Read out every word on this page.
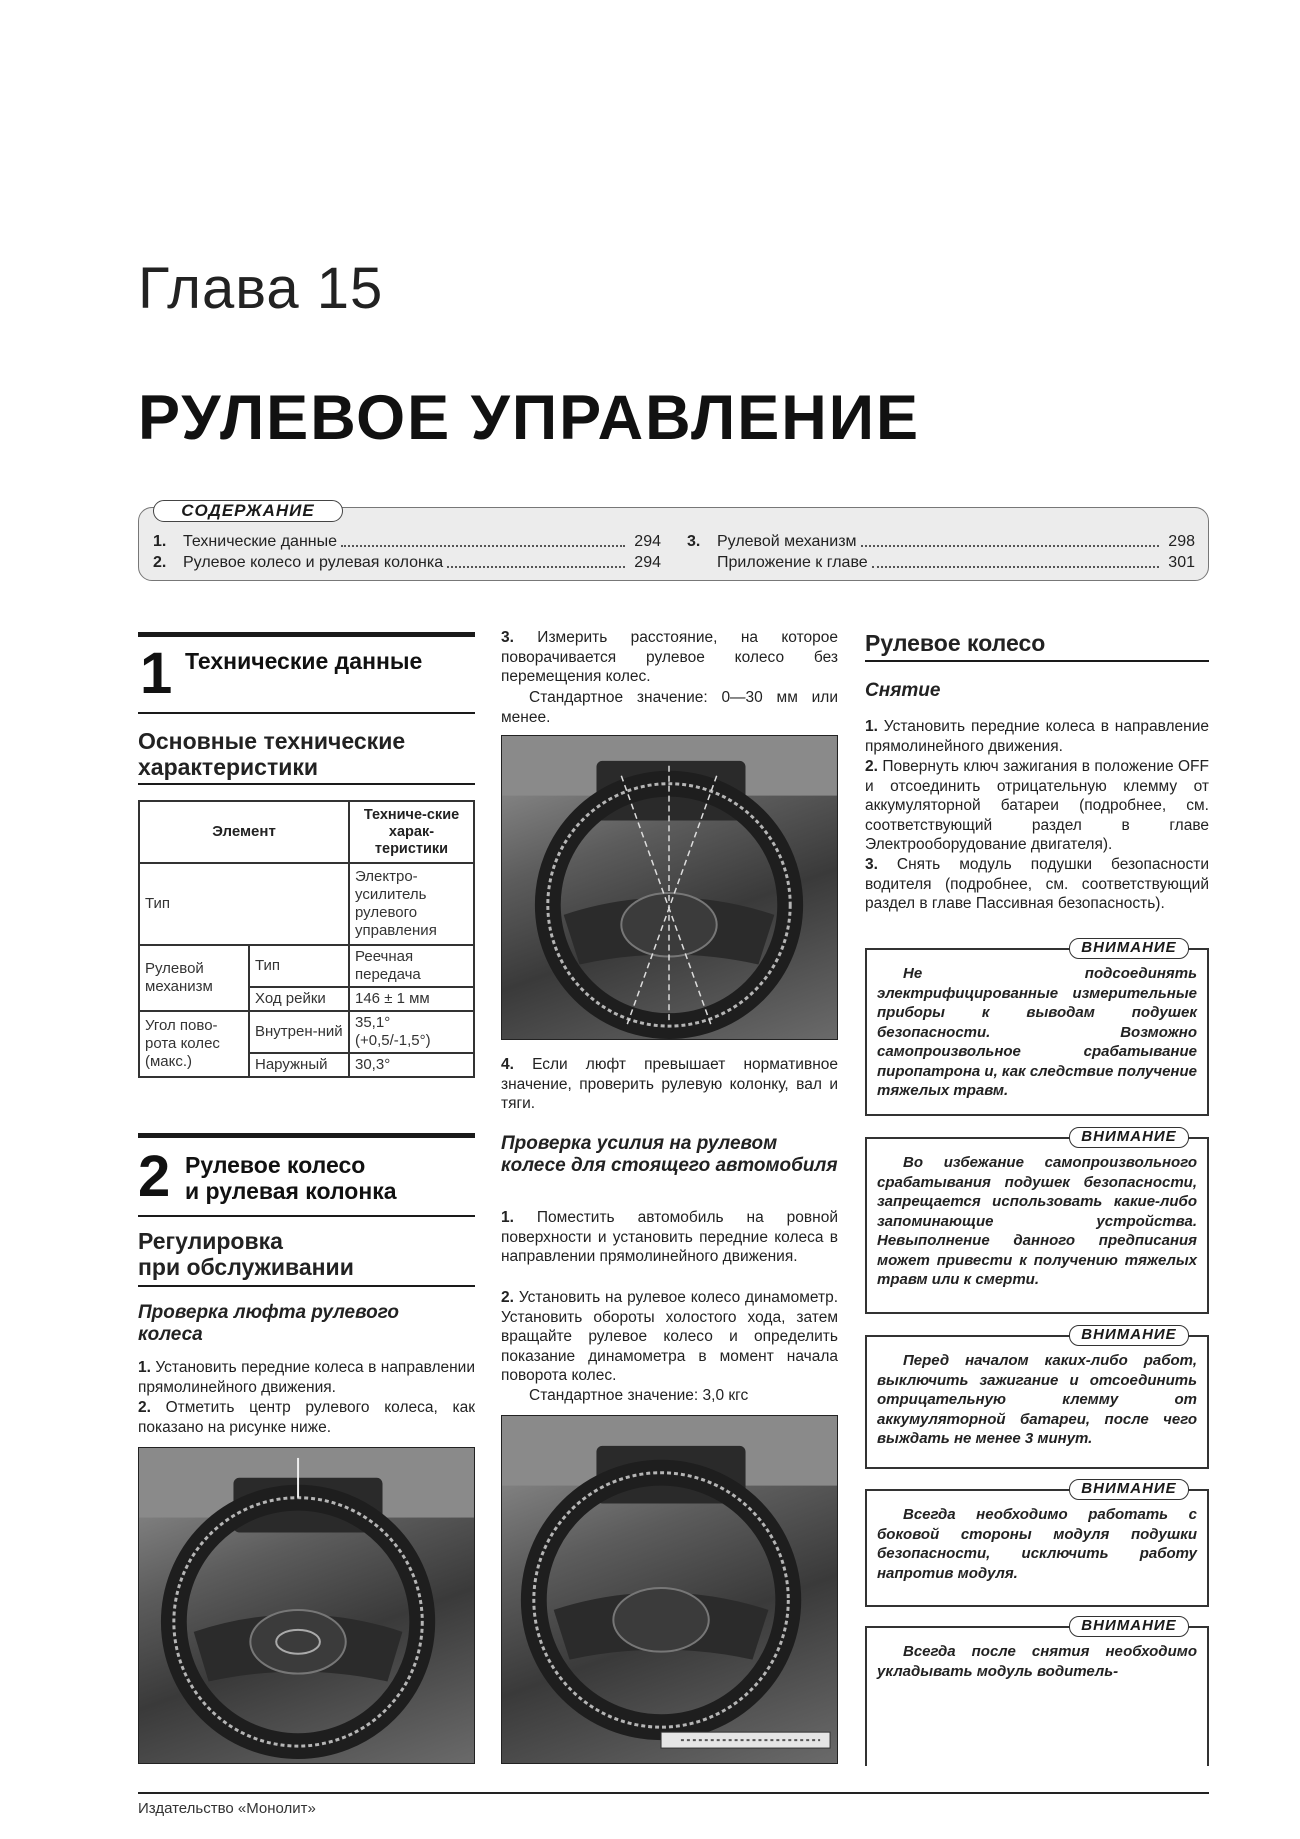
Глава 15
РУЛЕВОЕ УПРАВЛЕНИЕ
СОДЕРЖАНИЕ
1.	Технические данные	294
2.	Рулевое колесо и рулевая колонка	294
3.	Рулевой механизм	298
Приложение к главе	301
1 Технические данные
Основные технические характеристики
Элемент		Техниче-ские харак-теристики
Тип		Электро-усилитель рулевого управления
Рулевой механизм	Тип	Реечная передача
	Ход рейки	146 ± 1 мм
Угол пово-рота колес (макс.)	Внутрен-ний	35,1° (+0,5/-1,5°)
	Наружный	30,3°
2 Рулевое колесо
и рулевая колонка
Регулировка
при обслуживании
Проверка люфта рулевого колеса
1. Установить передние колеса в направлении прямолинейного движения.
2. Отметить центр рулевого колеса, как показано на рисунке ниже.
3. Измерить расстояние, на которое поворачивается рулевое колесо без перемещения колес.
Стандартное значение: 0—30 мм или менее.
4. Если люфт превышает нормативное значение, проверить рулевую колонку, вал и тяги.
Проверка усилия на рулевом колесе для стоящего автомобиля
1. Поместить автомобиль на ровной поверхности и установить передние колеса в направлении прямолинейного движения.
2. Установить на рулевое колесо динамометр. Установить обороты холостого хода, затем вращайте рулевое колесо и определить показание динамометра в момент начала поворота колес.
Стандартное значение: 3,0 кгс
Рулевое колесо
Снятие
1. Установить передние колеса в направление прямолинейного движения.
2. Повернуть ключ зажигания в положение OFF и отсоединить отрицательную клемму от аккумуляторной батареи (подробнее, см. соответствующий раздел в главе Электрооборудование двигателя).
3. Снять модуль подушки безопасности водителя (подробнее, см. соответствующий раздел в главе Пассивная безопасность).
ВНИМАНИЕ
Не подсоединять электрифицированные измерительные приборы к выводам подушек безопасности. Возможно самопроизвольное срабатывание пиропатрона и, как следствие получение тяжелых травм.
ВНИМАНИЕ
Во избежание самопроизвольного срабатывания подушек безопасности, запрещается использовать какие-либо запоминающие устройства. Невыполнение данного предписания может привести к получению тяжелых травм или к смерти.
ВНИМАНИЕ
Перед началом каких-либо работ, выключить зажигание и отсоединить отрицательную клемму от аккумуляторной батареи, после чего выждать не менее 3 минут.
ВНИМАНИЕ
Всегда необходимо работать с боковой стороны модуля подушки безопасности, исключить работу напротив модуля.
ВНИМАНИЕ
Всегда после снятия необходимо укладывать модуль водитель-
Издательство «Монолит»
